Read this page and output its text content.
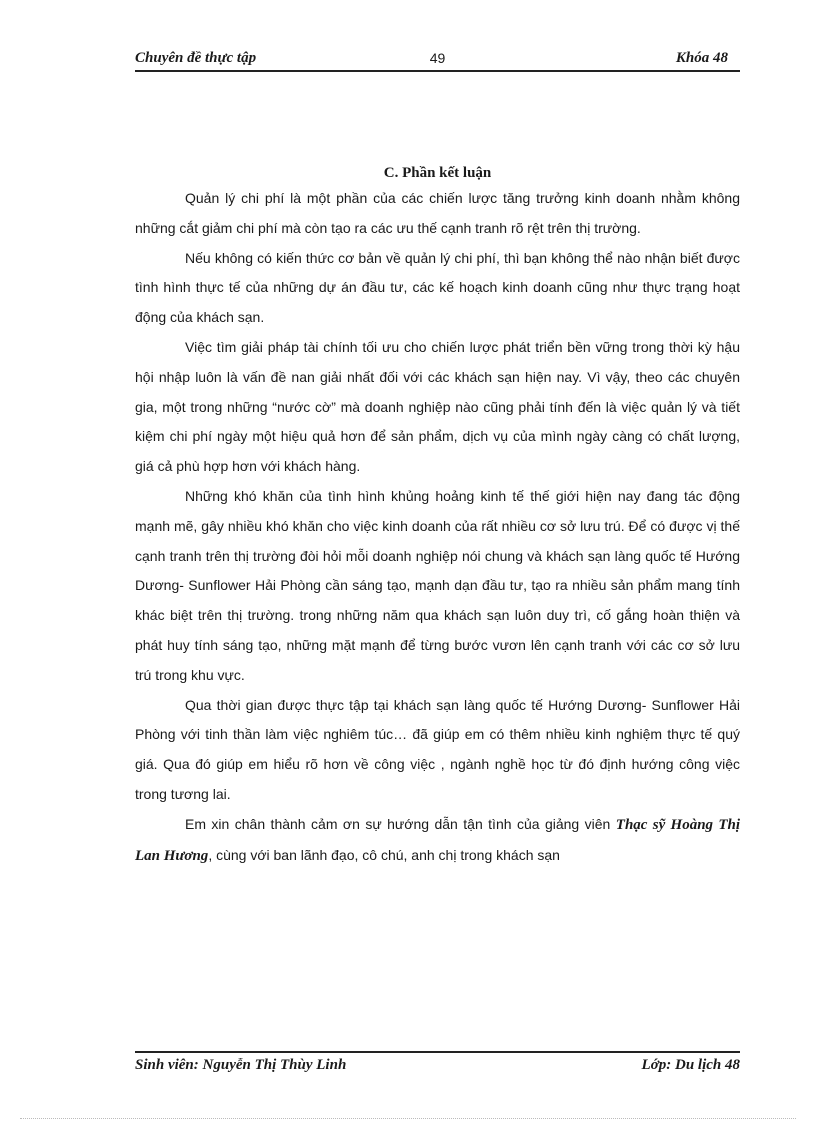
Chuyên đề thực tập	49	Khóa 48
C. Phần kết luận

Quản lý chi phí là một phần của các chiến lược tăng trưởng kinh doanh nhằm không những cắt giảm chi phí mà còn tạo ra các ưu thế cạnh tranh rõ rệt trên thị trường.

Nếu không có kiến thức cơ bản về quản lý chi phí, thì bạn không thể nào nhận biết được tình hình thực tế của những dự án đầu tư, các kế hoạch kinh doanh cũng như thực trạng hoạt động của khách sạn.

Việc tìm giải pháp tài chính tối ưu cho chiến lược phát triển bền vững trong thời kỳ hậu hội nhập luôn là vấn đề nan giải nhất đối với các khách sạn hiện nay. Vì vậy, theo các chuyên gia, một trong những “nước cờ” mà doanh nghiệp nào cũng phải tính đến là việc quản lý và tiết kiệm chi phí ngày một hiệu quả hơn để sản phẩm, dịch vụ của mình ngày càng có chất lượng, giá cả phù hợp hơn với khách hàng.

Những khó khăn của tình hình khủng hoảng kinh tế thế giới hiện nay đang tác động mạnh mẽ, gây nhiều khó khăn cho việc kinh doanh của rất nhiều cơ sở lưu trú. Để có được vị thế cạnh tranh trên thị trường đòi hỏi mỗi doanh nghiệp nói chung và khách sạn làng quốc tế Hướng Dương- Sunflower Hải Phòng cần sáng tạo, mạnh dạn đầu tư, tạo ra nhiều sản phẩm mang tính khác biệt trên thị trường. trong những năm qua khách sạn luôn duy trì, cố gắng hoàn thiện và phát huy tính sáng tạo, những mặt mạnh để từng bước vươn lên cạnh tranh với các cơ sở lưu trú trong khu vực.

Qua thời gian được thực tập tại khách sạn làng quốc tế Hướng Dương- Sunflower Hải Phòng với tinh thần làm việc nghiêm túc… đã giúp em có thêm nhiều kinh nghiệm thực tế quý giá. Qua đó giúp em hiểu rõ hơn về công việc , ngành nghề học từ đó định hướng công việc trong tương lai.

Em xin chân thành cảm ơn sự hướng dẫn tận tình của giảng viên Thạc sỹ Hoàng Thị Lan Hương, cùng với ban lãnh đạo, cô chú, anh chị trong khách sạn

Sinh viên: Nguyễn Thị Thùy Linh	Lớp: Du lịch 48
